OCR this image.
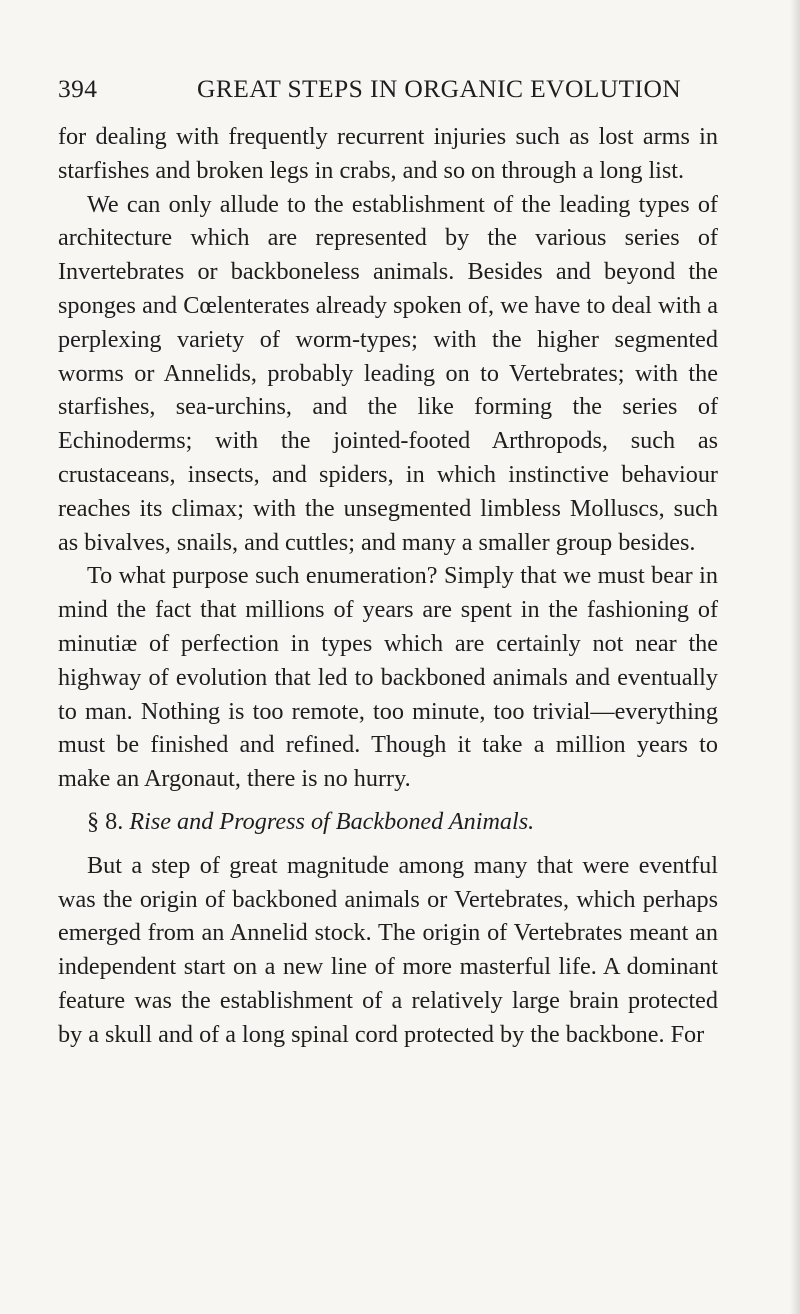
394	GREAT STEPS IN ORGANIC EVOLUTION

for dealing with frequently recurrent injuries such as lost arms in starfishes and broken legs in crabs, and so on through a long list.

We can only allude to the establishment of the leading types of architecture which are represented by the various series of Invertebrates or backboneless animals. Besides and beyond the sponges and Cœlenterates already spoken of, we have to deal with a perplexing variety of worm-types; with the higher segmented worms or Annelids, probably leading on to Vertebrates; with the starfishes, sea-urchins, and the like forming the series of Echinoderms; with the jointed-footed Arthropods, such as crustaceans, insects, and spiders, in which instinctive behaviour reaches its climax; with the unsegmented limbless Molluscs, such as bivalves, snails, and cuttles; and many a smaller group besides.

To what purpose such enumeration? Simply that we must bear in mind the fact that millions of years are spent in the fashioning of minutiæ of perfection in types which are certainly not near the highway of evolution that led to backboned animals and eventually to man. Nothing is too remote, too minute, too trivial—everything must be finished and refined. Though it take a million years to make an Argonaut, there is no hurry.

§ 8. Rise and Progress of Backboned Animals.

But a step of great magnitude among many that were eventful was the origin of backboned animals or Vertebrates, which perhaps emerged from an Annelid stock. The origin of Vertebrates meant an independent start on a new line of more masterful life. A dominant feature was the establishment of a relatively large brain protected by a skull and of a long spinal cord protected by the backbone. For
